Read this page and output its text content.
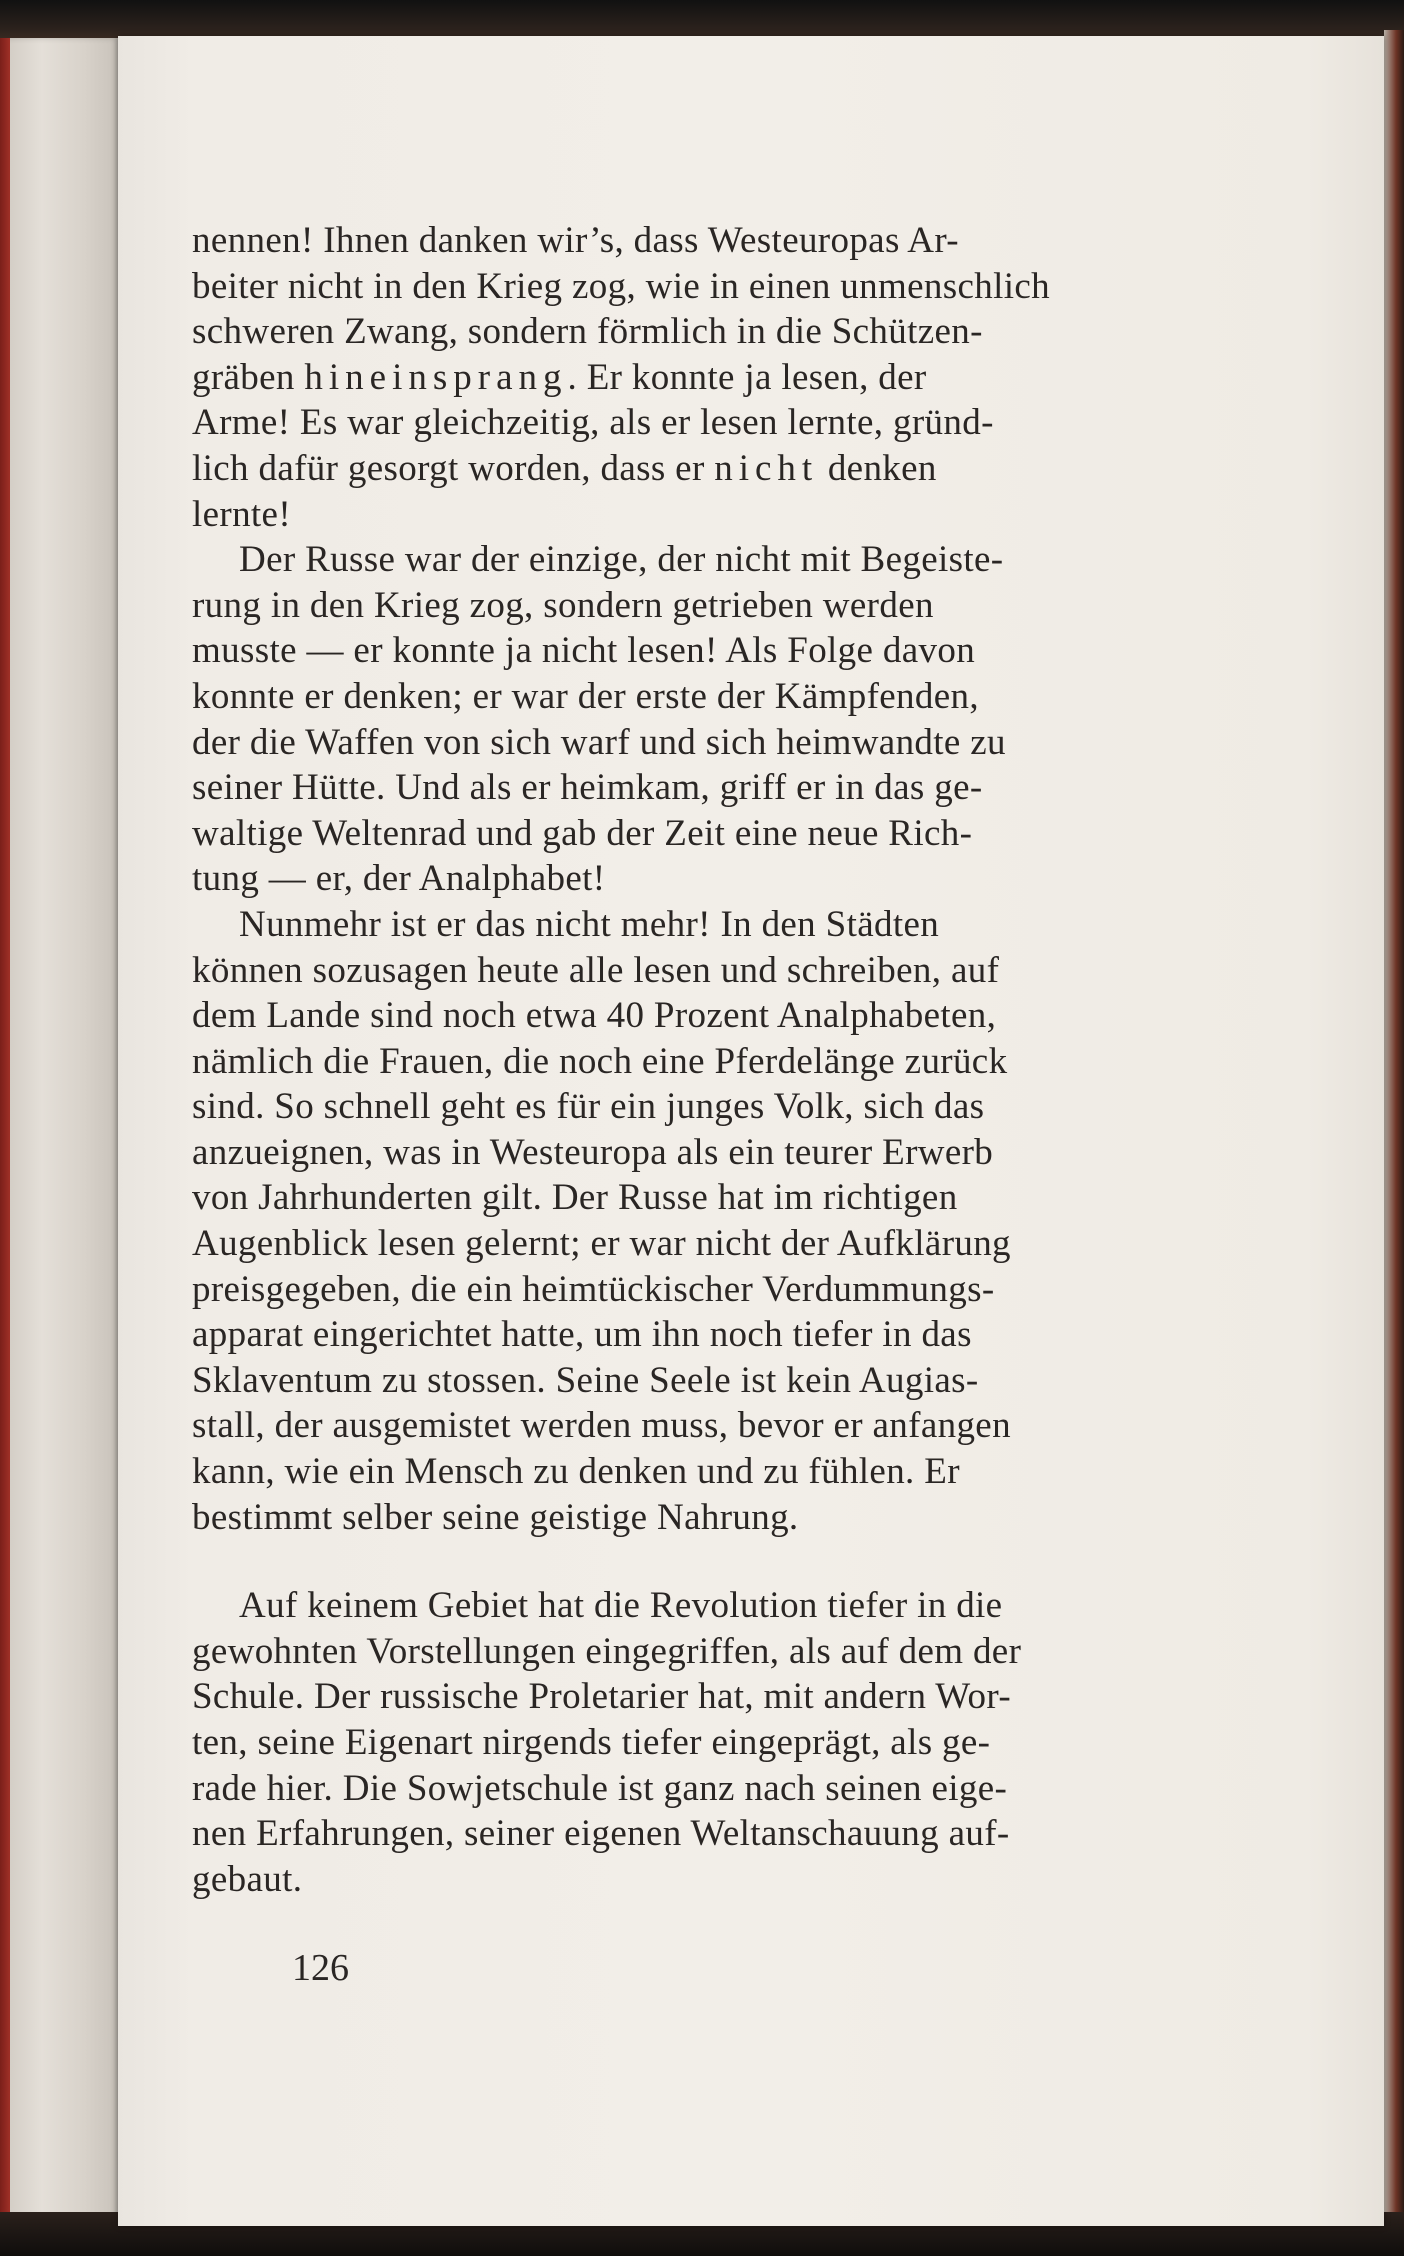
nennen! Ihnen danken wir’s, dass Westeuropas Ar-
beiter nicht in den Krieg zog, wie in einen unmenschlich
schweren Zwang, sondern förmlich in die Schützen-
gräben hineinsprang. Er konnte ja lesen, der
Arme! Es war gleichzeitig, als er lesen lernte, gründ-
lich dafür gesorgt worden, dass er nicht denken
lernte!
Der Russe war der einzige, der nicht mit Begeiste-
rung in den Krieg zog, sondern getrieben werden
musste — er konnte ja nicht lesen! Als Folge davon
konnte er denken; er war der erste der Kämpfenden,
der die Waffen von sich warf und sich heimwandte zu
seiner Hütte. Und als er heimkam, griff er in das ge-
waltige Weltenrad und gab der Zeit eine neue Rich-
tung — er, der Analphabet!
Nunmehr ist er das nicht mehr! In den Städten
können sozusagen heute alle lesen und schreiben, auf
dem Lande sind noch etwa 40 Prozent Analphabeten,
nämlich die Frauen, die noch eine Pferdelänge zurück
sind. So schnell geht es für ein junges Volk, sich das
anzueignen, was in Westeuropa als ein teurer Erwerb
von Jahrhunderten gilt. Der Russe hat im richtigen
Augenblick lesen gelernt; er war nicht der Aufklärung
preisgegeben, die ein heimtückischer Verdummungs-
apparat eingerichtet hatte, um ihn noch tiefer in das
Sklaventum zu stossen. Seine Seele ist kein Augias-
stall, der ausgemistet werden muss, bevor er anfangen
kann, wie ein Mensch zu denken und zu fühlen. Er
bestimmt selber seine geistige Nahrung.
Auf keinem Gebiet hat die Revolution tiefer in die
gewohnten Vorstellungen eingegriffen, als auf dem der
Schule. Der russische Proletarier hat, mit andern Wor-
ten, seine Eigenart nirgends tiefer eingeprägt, als ge-
rade hier. Die Sowjetschule ist ganz nach seinen eige-
nen Erfahrungen, seiner eigenen Weltanschauung auf-
gebaut.
126
